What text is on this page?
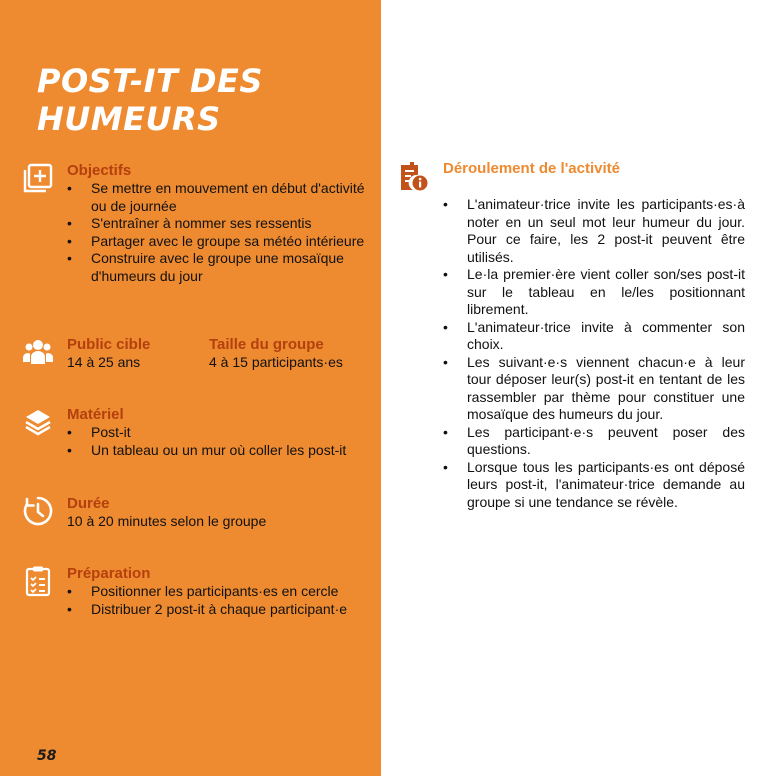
POST-IT DES HUMEURS

Objectifs

• Se mettre en mouvement en début d'activité ou de journée
• S'entraîner à nommer ses ressentis
• Partager avec le groupe sa météo intérieure
• Construire avec le groupe une mosaïque d'humeurs du jour

Public cible

14 à 25 ans

Taille du groupe

4 à 15 participants·es

Matériel

• Post-it
• Un tableau ou un mur où coller les post-it

Durée

10 à 20 minutes selon le groupe

Préparation

• Positionner les participants·es en cercle
• Distribuer 2 post-it à chaque participant·e
58

Déroulement de l'activité

• L'animateur·trice invite les participants·es·à noter en un seul mot leur humeur du jour. Pour ce faire, les 2 post-it peuvent être utilisés.
• Le·la premier·ère vient coller son/ses post-it sur le tableau en le/les positionnant librement.
• L'animateur·trice invite à commenter son choix.
• Les suivant·e·s viennent chacun·e à leur tour déposer leur(s) post-it en tentant de les rassembler par thème pour constituer une mosaïque des humeurs du jour.
• Les participant·e·s peuvent poser des questions.
• Lorsque tous les participants·es ont déposé leurs post-it, l'animateur·trice demande au groupe si une tendance se révèle.
